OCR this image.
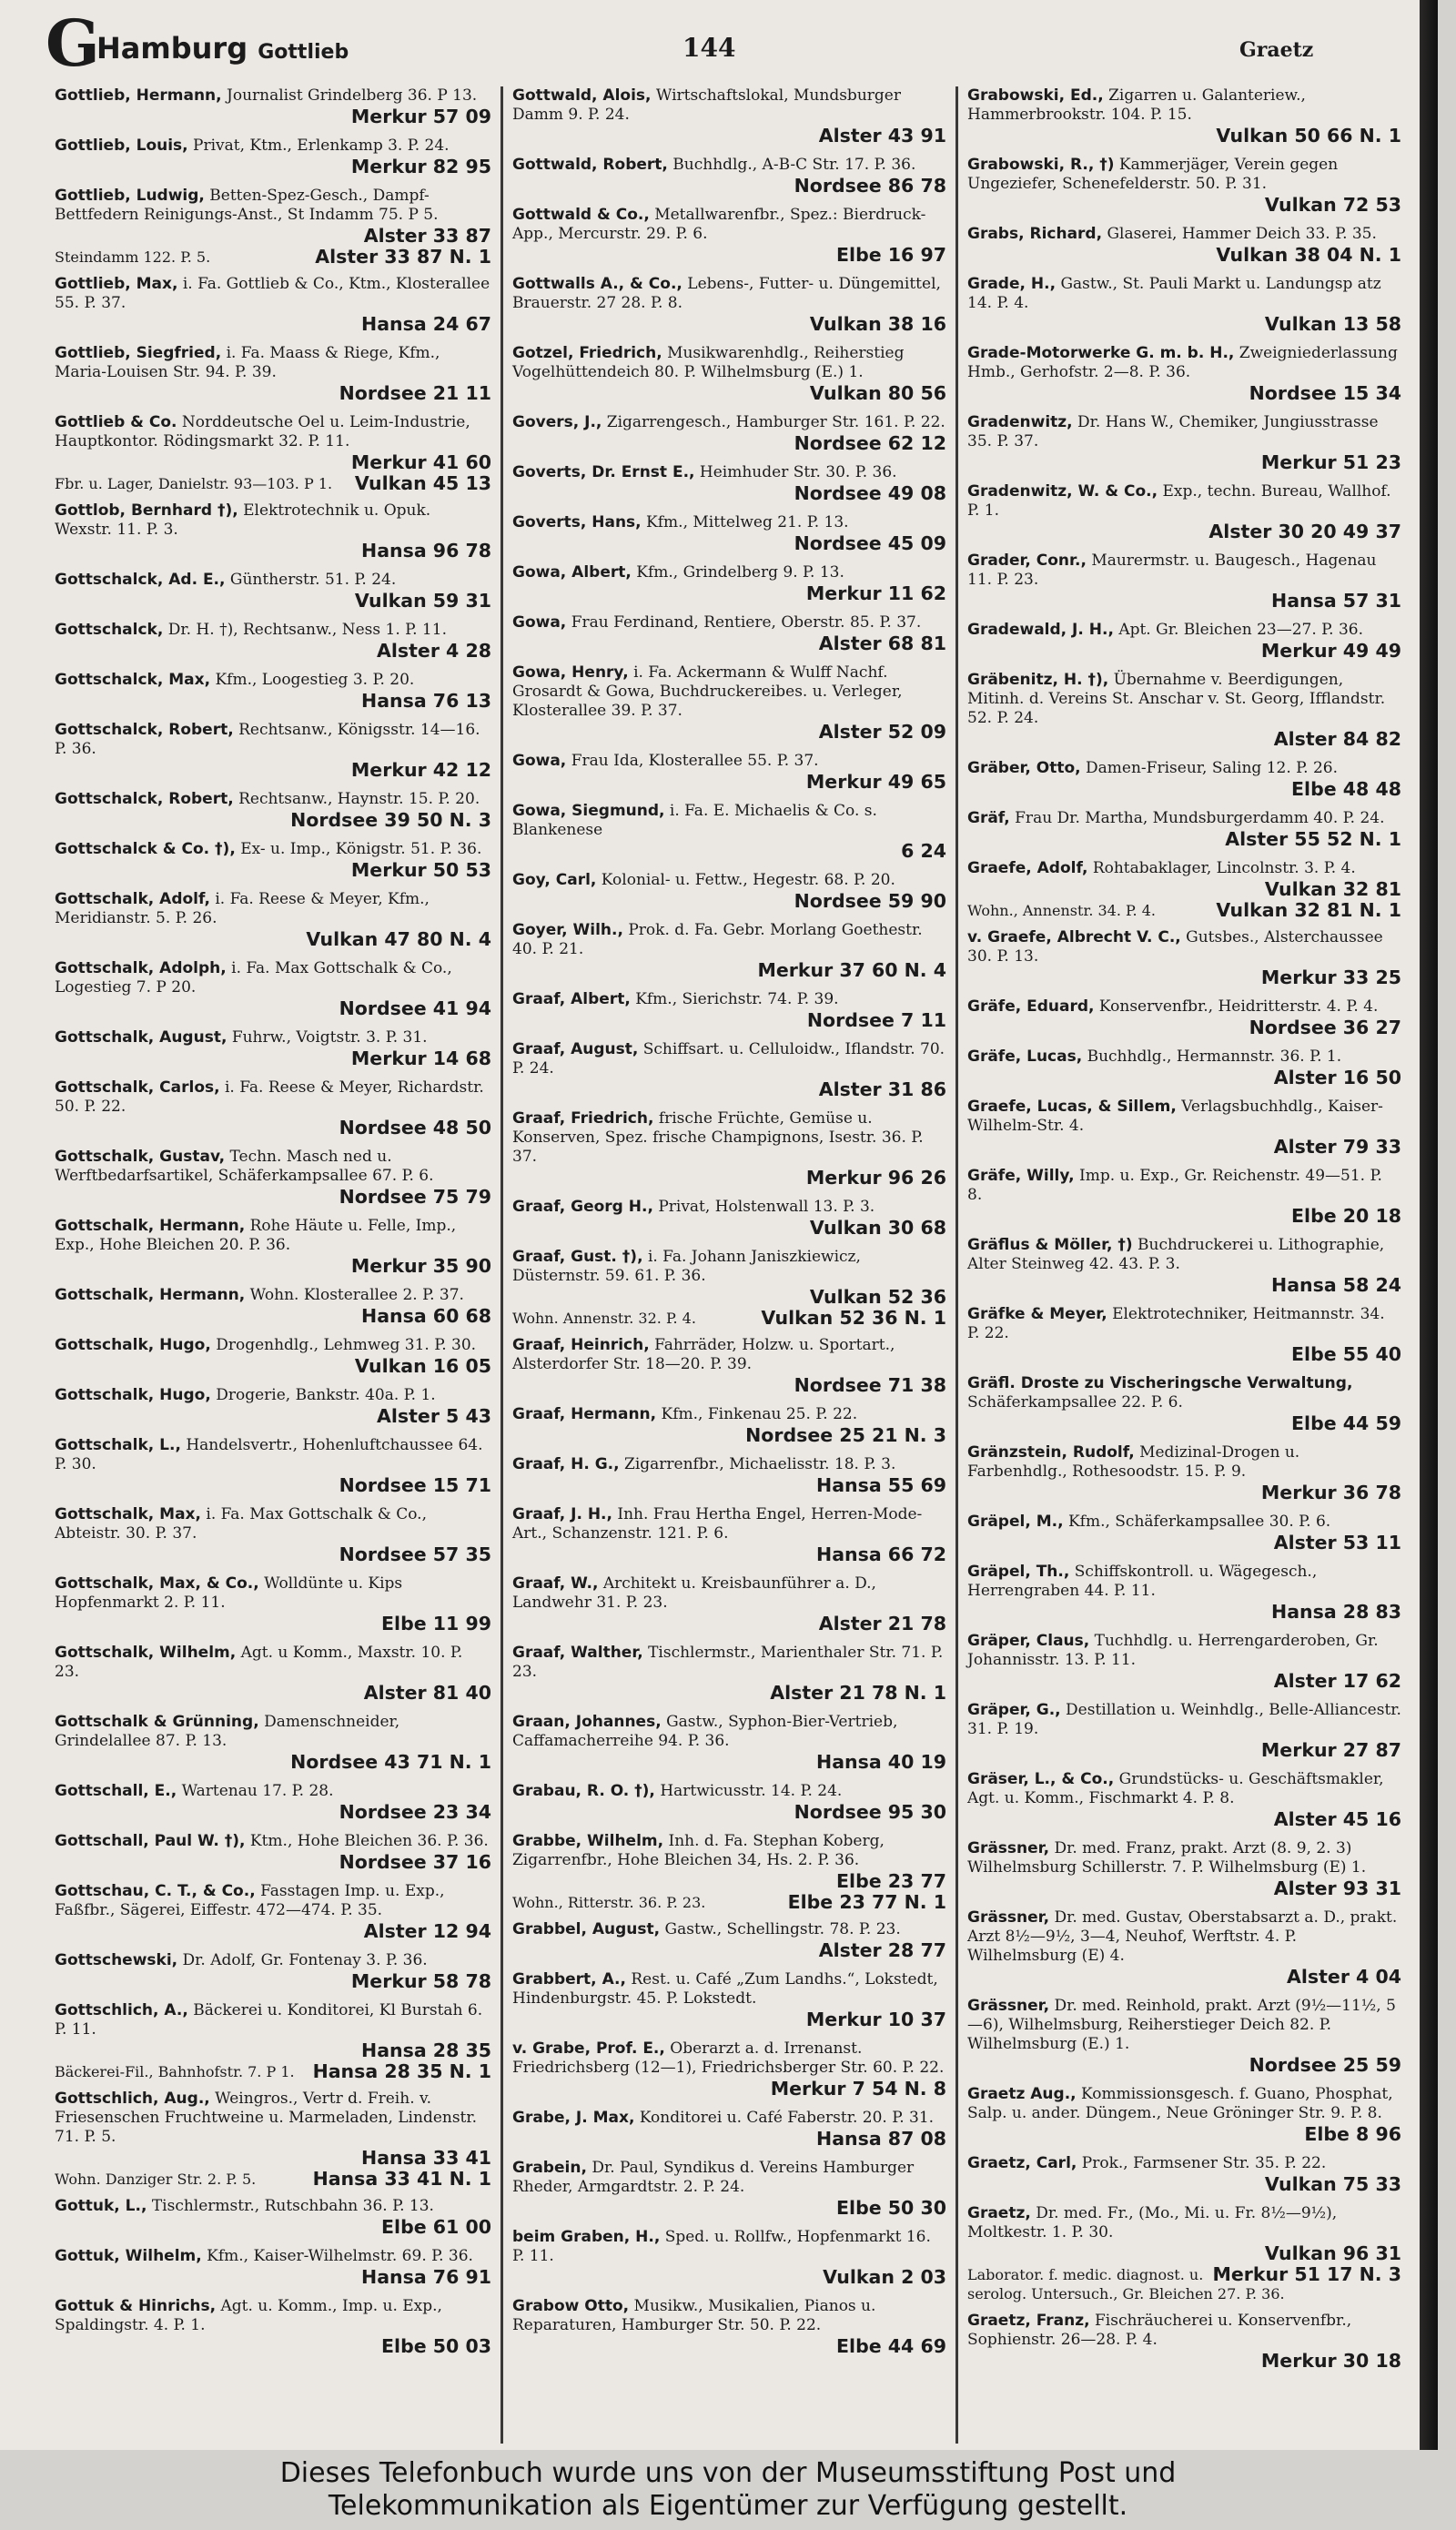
G
Hamburg Gottlieb	144	Graetz
Gottlieb, Hermann, Journalist Grindelberg 36. P 13.
Merkur 57 09
Gottlieb, Louis, Privat, Ktm., Erlenkamp 3. P. 24.
Merkur 82 95
Gottlieb, Ludwig, Betten-Spez-Gesch., Dampf-Bettfedern Reinigungs-Anst., St Indamm 75. P 5.
Alster 33 87
Alster 33 87 N. 1
Steindamm 122. P. 5.
Gottlieb, Max, i. Fa. Gottlieb & Co., Ktm., Klosterallee 55. P. 37.
Hansa 24 67
Gottlieb, Siegfried, i. Fa. Maass & Riege, Kfm., Maria-Louisen Str. 94. P. 39.
Nordsee 21 11
Gottlieb & Co. Norddeutsche Oel u. Leim-Industrie, Hauptkontor. Rödingsmarkt 32. P. 11.
Merkur 41 60
Vulkan 45 13
Fbr. u. Lager, Danielstr. 93—103. P 1.
Gottlob, Bernhard †), Elektrotechnik u. Opuk. Wexstr. 11. P. 3.
Hansa 96 78
Gottschalck, Ad. E., Güntherstr. 51. P. 24.
Vulkan 59 31
Gottschalck, Dr. H. †), Rechtsanw., Ness 1. P. 11.
Alster 4 28
Gottschalck, Max, Kfm., Loogestieg 3. P. 20.
Hansa 76 13
Gottschalck, Robert, Rechtsanw., Königsstr. 14—16. P. 36.
Merkur 42 12
Gottschalck, Robert, Rechtsanw., Haynstr. 15. P. 20.
Nordsee 39 50 N. 3
Gottschalck & Co. †), Ex- u. Imp., Königstr. 51. P. 36.
Merkur 50 53
Gottschalk, Adolf, i. Fa. Reese & Meyer, Kfm., Meridianstr. 5. P. 26.
Vulkan 47 80 N. 4
Gottschalk, Adolph, i. Fa. Max Gottschalk & Co., Logestieg 7. P 20.
Nordsee 41 94
Gottschalk, August, Fuhrw., Voigtstr. 3. P. 31.
Merkur 14 68
Gottschalk, Carlos, i. Fa. Reese & Meyer, Richardstr. 50. P. 22.
Nordsee 48 50
Gottschalk, Gustav, Techn. Masch ned u. Werftbedarfsartikel, Schäferkampsallee 67. P. 6.
Nordsee 75 79
Gottschalk, Hermann, Rohe Häute u. Felle, Imp., Exp., Hohe Bleichen 20. P. 36.
Merkur 35 90
Gottschalk, Hermann, Wohn. Klosterallee 2. P. 37.
Hansa 60 68
Gottschalk, Hugo, Drogenhdlg., Lehmweg 31. P. 30.
Vulkan 16 05
Gottschalk, Hugo, Drogerie, Bankstr. 40a. P. 1.
Alster 5 43
Gottschalk, L., Handelsvertr., Hohenluftchaussee 64. P. 30.
Nordsee 15 71
Gottschalk, Max, i. Fa. Max Gottschalk & Co., Abteistr. 30. P. 37.
Nordsee 57 35
Gottschalk, Max, & Co., Wolldünte u. Kips Hopfenmarkt 2. P. 11.
Elbe 11 99
Gottschalk, Wilhelm, Agt. u Komm., Maxstr. 10. P. 23.
Alster 81 40
Gottschalk & Grünning, Damenschneider, Grindelallee 87. P. 13.
Nordsee 43 71 N. 1
Gottschall, E., Wartenau 17. P. 28.
Nordsee 23 34
Gottschall, Paul W. †), Ktm., Hohe Bleichen 36. P. 36.
Nordsee 37 16
Gottschau, C. T., & Co., Fasstagen Imp. u. Exp., Faßfbr., Sägerei, Eiffestr. 472—474. P. 35.
Alster 12 94
Gottschewski, Dr. Adolf, Gr. Fontenay 3. P. 36.
Merkur 58 78
Gottschlich, A., Bäckerei u. Konditorei, Kl Burstah 6. P. 11.
Hansa 28 35
Hansa 28 35 N. 1
Bäckerei-Fil., Bahnhofstr. 7. P 1.
Gottschlich, Aug., Weingros., Vertr d. Freih. v. Friesenschen Fruchtweine u. Marmeladen, Lindenstr. 71. P. 5.
Hansa 33 41
Hansa 33 41 N. 1
Wohn. Danziger Str. 2. P. 5.
Gottuk, L., Tischlermstr., Rutschbahn 36. P. 13.
Elbe 61 00
Gottuk, Wilhelm, Kfm., Kaiser-Wilhelmstr. 69. P. 36.
Hansa 76 91
Gottuk & Hinrichs, Agt. u. Komm., Imp. u. Exp., Spaldingstr. 4. P. 1.
Elbe 50 03
Gottwald, Alois, Wirtschaftslokal, Mundsburger Damm 9. P. 24.
Alster 43 91
Gottwald, Robert, Buchhdlg., A-B-C Str. 17. P. 36.
Nordsee 86 78
Gottwald & Co., Metallwarenfbr., Spez.: Bierdruck-App., Mercurstr. 29. P. 6.
Elbe 16 97
Gottwalls A., & Co., Lebens-, Futter- u. Düngemittel, Brauerstr. 27 28. P. 8.
Vulkan 38 16
Gotzel, Friedrich, Musikwarenhdlg., Reiherstieg Vogelhüttendeich 80. P. Wilhelmsburg (E.) 1.
Vulkan 80 56
Govers, J., Zigarrengesch., Hamburger Str. 161. P. 22.
Nordsee 62 12
Goverts, Dr. Ernst E., Heimhuder Str. 30. P. 36.
Nordsee 49 08
Goverts, Hans, Kfm., Mittelweg 21. P. 13.
Nordsee 45 09
Gowa, Albert, Kfm., Grindelberg 9. P. 13.
Merkur 11 62
Gowa, Frau Ferdinand, Rentiere, Oberstr. 85. P. 37.
Alster 68 81
Gowa, Henry, i. Fa. Ackermann & Wulff Nachf. Grosardt & Gowa, Buchdruckereibes. u. Verleger, Klosterallee 39. P. 37.
Alster 52 09
Gowa, Frau Ida, Klosterallee 55. P. 37.
Merkur 49 65
Gowa, Siegmund, i. Fa. E. Michaelis & Co. s. Blankenese
6 24
Goy, Carl, Kolonial- u. Fettw., Hegestr. 68. P. 20.
Nordsee 59 90
Goyer, Wilh., Prok. d. Fa. Gebr. Morlang Goethestr. 40. P. 21.
Merkur 37 60 N. 4
Graaf, Albert, Kfm., Sierichstr. 74. P. 39.
Nordsee 7 11
Graaf, August, Schiffsart. u. Celluloidw., Iflandstr. 70. P. 24.
Alster 31 86
Graaf, Friedrich, frische Früchte, Gemüse u. Konserven, Spez. frische Champignons, Isestr. 36. P. 37.
Merkur 96 26
Graaf, Georg H., Privat, Holstenwall 13. P. 3.
Vulkan 30 68
Graaf, Gust. †), i. Fa. Johann Janiszkiewicz, Düsternstr. 59. 61. P. 36.
Vulkan 52 36
Vulkan 52 36 N. 1
Wohn. Annenstr. 32. P. 4.
Graaf, Heinrich, Fahrräder, Holzw. u. Sportart., Alsterdorfer Str. 18—20. P. 39.
Nordsee 71 38
Graaf, Hermann, Kfm., Finkenau 25. P. 22.
Nordsee 25 21 N. 3
Graaf, H. G., Zigarrenfbr., Michaelisstr. 18. P. 3.
Hansa 55 69
Graaf, J. H., Inh. Frau Hertha Engel, Herren-Mode-Art., Schanzenstr. 121. P. 6.
Hansa 66 72
Graaf, W., Architekt u. Kreisbaunführer a. D., Landwehr 31. P. 23.
Alster 21 78
Graaf, Walther, Tischlermstr., Marienthaler Str. 71. P. 23.
Alster 21 78 N. 1
Graan, Johannes, Gastw., Syphon-Bier-Vertrieb, Caffamacherreihe 94. P. 36.
Hansa 40 19
Grabau, R. O. †), Hartwicusstr. 14. P. 24.
Nordsee 95 30
Grabbe, Wilhelm, Inh. d. Fa. Stephan Koberg, Zigarrenfbr., Hohe Bleichen 34, Hs. 2. P. 36.
Elbe 23 77
Elbe 23 77 N. 1
Wohn., Ritterstr. 36. P. 23.
Grabbel, August, Gastw., Schellingstr. 78. P. 23.
Alster 28 77
Grabbert, A., Rest. u. Café „Zum Landhs.“, Lokstedt, Hindenburgstr. 45. P. Lokstedt.
Merkur 10 37
v. Grabe, Prof. E., Oberarzt a. d. Irrenanst. Friedrichsberg (12—1), Friedrichsberger Str. 60. P. 22.
Merkur 7 54 N. 8
Grabe, J. Max, Konditorei u. Café Faberstr. 20. P. 31.
Hansa 87 08
Grabein, Dr. Paul, Syndikus d. Vereins Hamburger Rheder, Armgardtstr. 2. P. 24.
Elbe 50 30
beim Graben, H., Sped. u. Rollfw., Hopfenmarkt 16. P. 11.
Vulkan 2 03
Grabow Otto, Musikw., Musikalien, Pianos u. Reparaturen, Hamburger Str. 50. P. 22.
Elbe 44 69
Grabowski, Ed., Zigarren u. Galanteriew., Hammerbrookstr. 104. P. 15.
Vulkan 50 66 N. 1
Grabowski, R., †) Kammerjäger, Verein gegen Ungeziefer, Schenefelderstr. 50. P. 31.
Vulkan 72 53
Grabs, Richard, Glaserei, Hammer Deich 33. P. 35.
Vulkan 38 04 N. 1
Grade, H., Gastw., St. Pauli Markt u. Landungsp atz 14. P. 4.
Vulkan 13 58
Grade-Motorwerke G. m. b. H., Zweigniederlassung Hmb., Gerhofstr. 2—8. P. 36.
Nordsee 15 34
Gradenwitz, Dr. Hans W., Chemiker, Jungiusstrasse 35. P. 37.
Merkur 51 23
Gradenwitz, W. & Co., Exp., techn. Bureau, Wallhof. P. 1.
Alster 30 20 49 37
Grader, Conr., Maurermstr. u. Baugesch., Hagenau 11. P. 23.
Hansa 57 31
Gradewald, J. H., Apt. Gr. Bleichen 23—27. P. 36.
Merkur 49 49
Gräbenitz, H. †), Übernahme v. Beerdigungen, Mitinh. d. Vereins St. Anschar v. St. Georg, Ifflandstr. 52. P. 24.
Alster 84 82
Gräber, Otto, Damen-Friseur, Saling 12. P. 26.
Elbe 48 48
Gräf, Frau Dr. Martha, Mundsburgerdamm 40. P. 24.
Alster 55 52 N. 1
Graefe, Adolf, Rohtabaklager, Lincolnstr. 3. P. 4.
Vulkan 32 81
Vulkan 32 81 N. 1
Wohn., Annenstr. 34. P. 4.
v. Graefe, Albrecht V. C., Gutsbes., Alsterchaussee 30. P. 13.
Merkur 33 25
Gräfe, Eduard, Konservenfbr., Heidritterstr. 4. P. 4.
Nordsee 36 27
Gräfe, Lucas, Buchhdlg., Hermannstr. 36. P. 1.
Alster 16 50
Graefe, Lucas, & Sillem, Verlagsbuchhdlg., Kaiser-Wilhelm-Str. 4.
Alster 79 33
Gräfe, Willy, Imp. u. Exp., Gr. Reichenstr. 49—51. P. 8.
Elbe 20 18
Gräflus & Möller, †) Buchdruckerei u. Lithographie, Alter Steinweg 42. 43. P. 3.
Hansa 58 24
Gräfke & Meyer, Elektrotechniker, Heitmannstr. 34. P. 22.
Elbe 55 40
Gräfl. Droste zu Vischeringsche Verwaltung, Schäferkampsallee 22. P. 6.
Elbe 44 59
Gränzstein, Rudolf, Medizinal-Drogen u. Farbenhdlg., Rothesoodstr. 15. P. 9.
Merkur 36 78
Gräpel, M., Kfm., Schäferkampsallee 30. P. 6.
Alster 53 11
Gräpel, Th., Schiffskontroll. u. Wägegesch., Herrengraben 44. P. 11.
Hansa 28 83
Gräper, Claus, Tuchhdlg. u. Herrengarderoben, Gr. Johannisstr. 13. P. 11.
Alster 17 62
Gräper, G., Destillation u. Weinhdlg., Belle-Alliancestr. 31. P. 19.
Merkur 27 87
Gräser, L., & Co., Grundstücks- u. Geschäftsmakler, Agt. u. Komm., Fischmarkt 4. P. 8.
Alster 45 16
Grässner, Dr. med. Franz, prakt. Arzt (8. 9, 2. 3) Wilhelmsburg Schillerstr. 7. P. Wilhelmsburg (E) 1.
Alster 93 31
Grässner, Dr. med. Gustav, Oberstabsarzt a. D., prakt. Arzt 8½—9½, 3—4, Neuhof, Werftstr. 4. P. Wilhelmsburg (E) 4.
Alster 4 04
Grässner, Dr. med. Reinhold, prakt. Arzt (9½—11½, 5—6), Wilhelmsburg, Reiherstieger Deich 82. P. Wilhelmsburg (E.) 1.
Nordsee 25 59
Graetz Aug., Kommissionsgesch. f. Guano, Phosphat, Salp. u. ander. Düngem., Neue Gröninger Str. 9. P. 8.
Elbe 8 96
Graetz, Carl, Prok., Farmsener Str. 35. P. 22.
Vulkan 75 33
Graetz, Dr. med. Fr., (Mo., Mi. u. Fr. 8½—9½), Moltkestr. 1. P. 30.
Vulkan 96 31
Merkur 51 17 N. 3
Laborator. f. medic. diagnost. u. serolog. Untersuch., Gr. Bleichen 27. P. 36.
Graetz, Franz, Fischräucherei u. Konservenfbr., Sophienstr. 26—28. P. 4.
Merkur 30 18
Dieses Telefonbuch wurde uns von der Museumsstiftung Post und
Telekommunikation als Eigentümer zur Verfügung gestellt.
